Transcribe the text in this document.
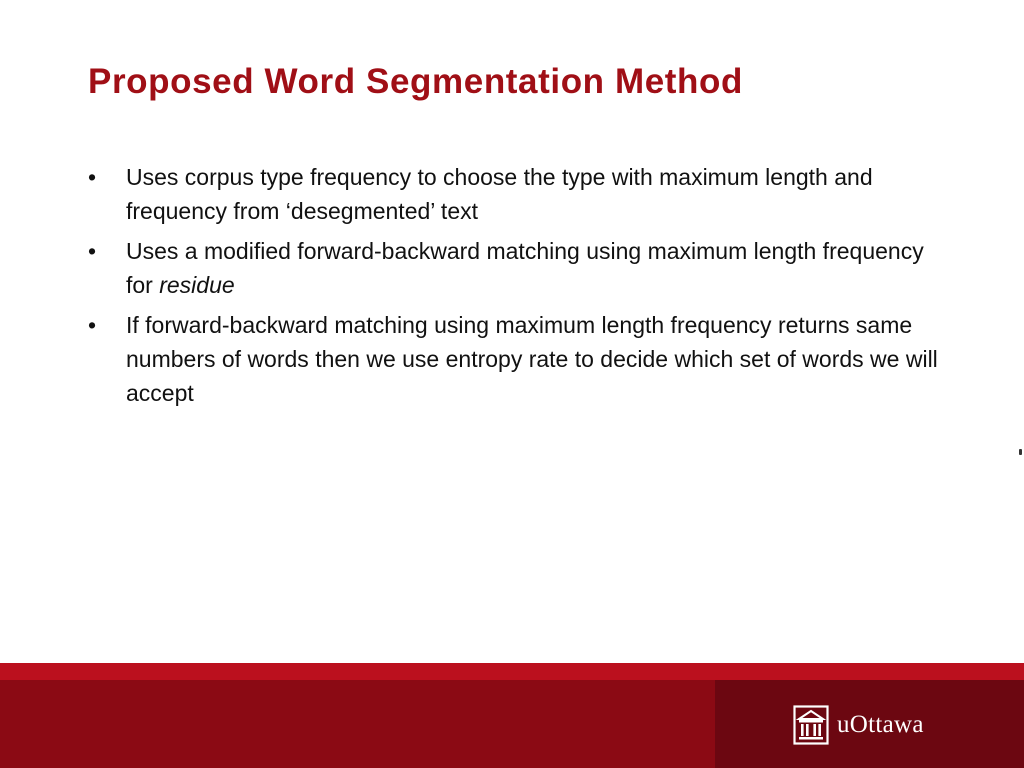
Proposed Word Segmentation Method
•	Uses corpus type frequency to choose the type with maximum length and frequency from ‘desegmented’ text
•	Uses a modified forward-backward matching using maximum length frequency for residue
•	If forward-backward matching using maximum length frequency returns same numbers of words then we use entropy rate to decide which set of words we will accept
uOttawa
